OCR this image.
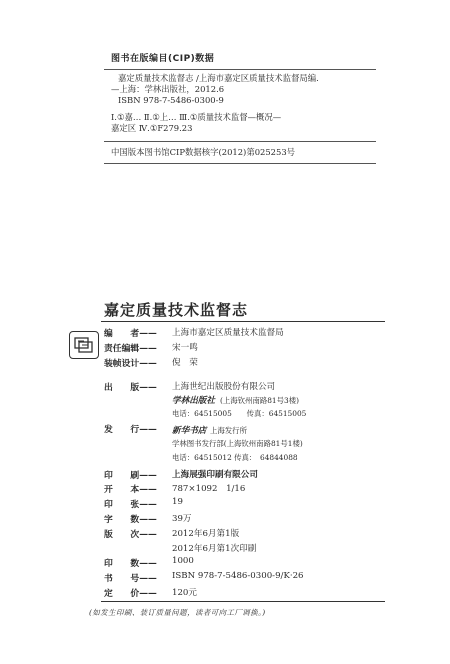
图书在版编目(CIP)数据
嘉定质量技术监督志 /上海市嘉定区质量技术监督局编.
—上海：学林出版社，2012.6
ISBN 978-7-5486-0300-9
Ⅰ.①嘉… Ⅱ.①上… Ⅲ.①质量技术监督—概况—
嘉定区 Ⅳ.①F279.23
中国版本图书馆CIP数据核字(2012)第025253号
嘉定质量技术监督志
编　　者—— 上海市嘉定区质量技术监督局
责任编辑—— 宋一鸣
装帧设计—— 倪　荣
出　　版—— 上海世纪出版股份有限公司
学林出版社 (上海钦州南路81号3楼)
电话：64515005　　传真：64515005
发　　行—— 新华书店 上海发行所
学林图书发行部(上海钦州南路81号1楼)
电话：64515012 传真：　64844088
印　　刷—— 上海展强印刷有限公司
开　　本—— 787×1092　1/16
印　　张—— 19
字　　数—— 39万
版　　次—— 2012年6月第1版
2012年6月第1次印刷
印　　数—— 1000
书　　号—— ISBN 978-7-5486-0300-9/K·26
定　　价—— 120元
(如发生印刷、装订质量问题，读者可向工厂调换。)
